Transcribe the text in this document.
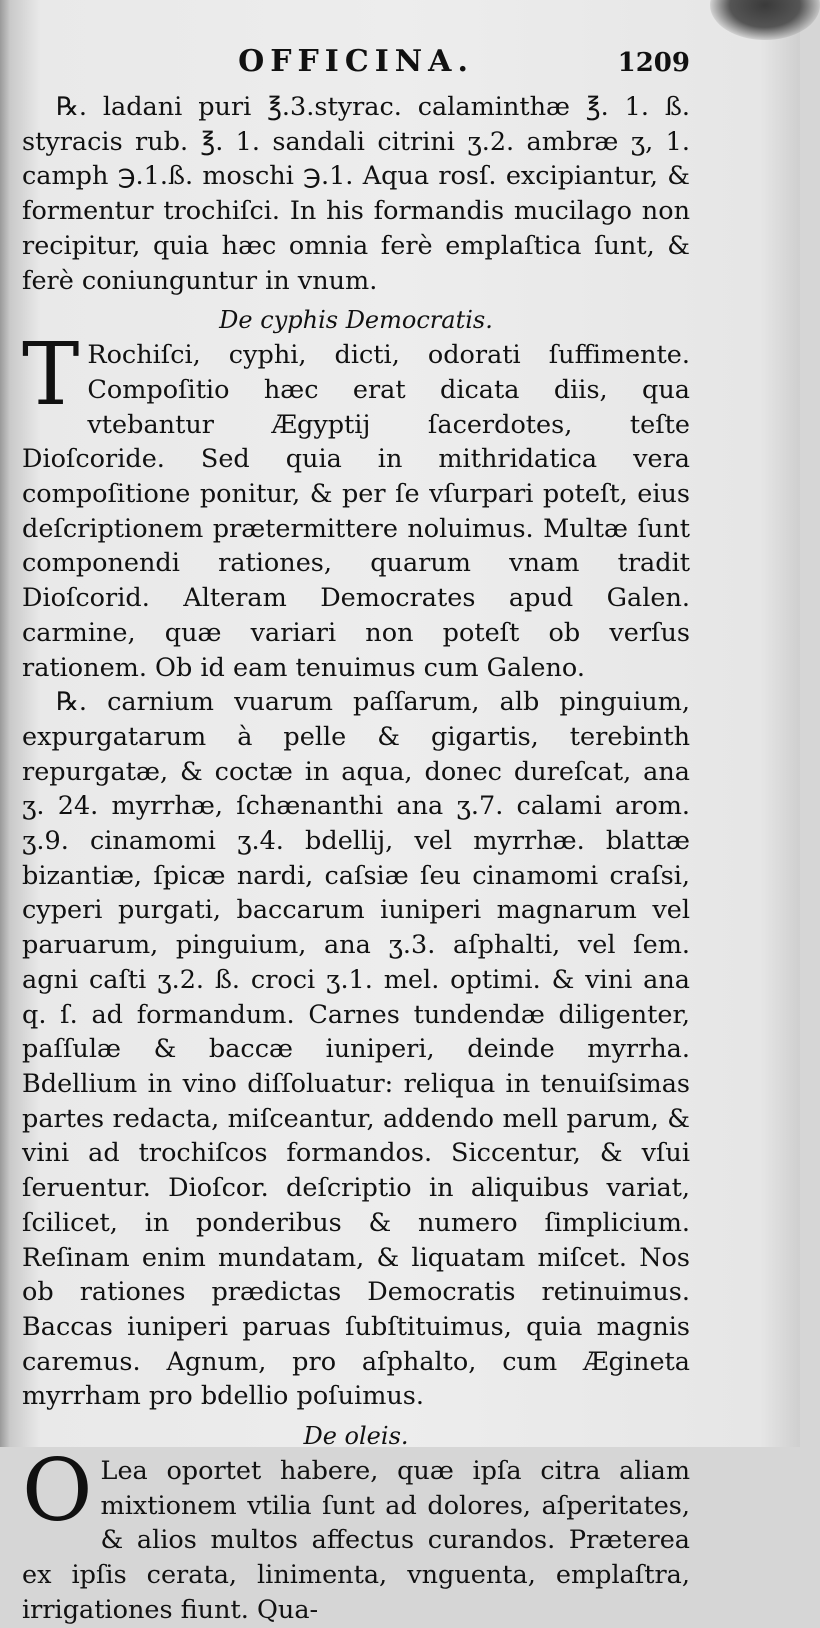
OFFICINA.	1209

℞. ladani puri ℥.3.styrac. calaminthæ ℥. 1. ß. styracis rub. ℥. 1. sandali citrini ʒ.2. ambræ ʒ, 1. camph ℈.1.ß. moschi ℈.1. Aqua rosſ. excipiantur, & formentur trochiſci. In his formandis mucilago non recipitur, quia hæc omnia ferè emplaſtica ſunt, & ferè coniunguntur in vnum.

De cyphis Democratis.
T Rochiſci, cyphi, dicti, odorati ſuffimente. Compoſitio hæc erat dicata diis, qua vtebantur Ægyptij ſacerdotes, teſte Dioſcoride. Sed quia in mithridatica vera compoſitione ponitur, & per ſe vſurpari poteſt, eius deſcriptionem prætermittere noluimus. Multæ ſunt componendi rationes, quarum vnam tradit Dioſcorid. Alteram Democrates apud Galen. carmine, quæ variari non poteſt ob verſus rationem. Ob id eam tenuimus cum Galeno.

℞. carnium vuarum paſſarum, alb pinguium, expurgatarum à pelle & gigartis, terebinth repurgatæ, & coctæ in aqua, donec dureſcat, ana ʒ. 24. myrrhæ, ſchænanthi ana ʒ.7. calami arom. ʒ.9. cinamomi ʒ.4. bdellij, vel myrrhæ. blattæ bizantiæ, ſpicæ nardi, caſsiæ ſeu cinamomi craſsi, cyperi purgati, baccarum iuniperi magnarum vel paruarum, pinguium, ana ʒ.3. aſphalti, vel ſem. agni caſti ʒ.2. ß. croci ʒ.1. mel. optimi. & vini ana q. ſ. ad formandum. Carnes tundendæ diligenter, paſſulæ & baccæ iuniperi, deinde myrrha. Bdellium in vino diſſoluatur: reliqua in tenuiſsimas partes redacta, miſceantur, addendo mell parum, & vini ad trochiſcos formandos. Siccentur, & vſui ſeruentur. Dioſcor. deſcriptio in aliquibus variat, ſcilicet, in ponderibus & numero ſimplicium. Reſinam enim mundatam, & liquatam miſcet. Nos ob rationes prædictas Democratis retinuimus. Baccas iuniperi paruas ſubſtituimus, quia magnis caremus. Agnum, pro aſphalto, cum Ægineta myrrham pro bdellio poſuimus.

De oleis.
O Lea oportet habere, quæ ipſa citra aliam mixtionem vtilia ſunt ad dolores, aſperitates, & alios multos affectus curandos. Præterea ex ipſis cerata, linimenta, vnguenta, emplaſtra, irrigationes fiunt. Qua-
